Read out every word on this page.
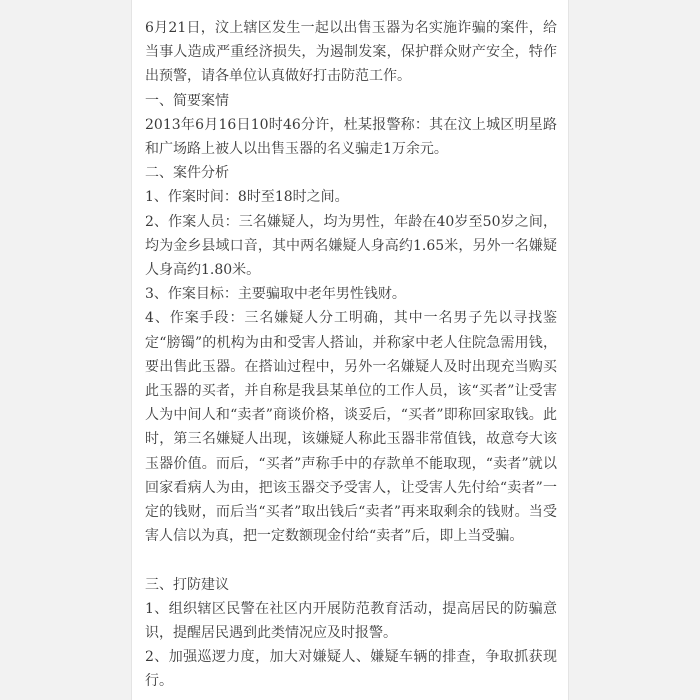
6月21日，汶上辖区发生一起以出售玉器为名实施诈骗的案件，给当事人造成严重经济损失，为遏制发案，保护群众财产安全，特作出预警，请各单位认真做好打击防范工作。

一、简要案情

2013年6月16日10时46分许，杜某报警称：其在汶上城区明星路和广场路上被人以出售玉器的名义骗走1万余元。

二、案件分析

1、作案时间：8时至18时之间。

2、作案人员：三名嫌疑人，均为男性，年龄在40岁至50岁之间，均为金乡县域口音，其中两名嫌疑人身高约1.65米，另外一名嫌疑人身高约1.80米。

3、作案目标：主要骗取中老年男性钱财。

4、作案手段：三名嫌疑人分工明确，其中一名男子先以寻找鉴定“膀镯”的机构为由和受害人搭讪，并称家中老人住院急需用钱，要出售此玉器。在搭讪过程中，另外一名嫌疑人及时出现充当购买此玉器的买者，并自称是我县某单位的工作人员，该“买者”让受害人为中间人和“卖者”商谈价格，谈妥后，“买者”即称回家取钱。此时，第三名嫌疑人出现，该嫌疑人称此玉器非常值钱，故意夸大该玉器价值。而后，“买者”声称手中的存款单不能取现，“卖者”就以回家看病人为由，把该玉器交予受害人，让受害人先付给“卖者”一定的钱财，而后当“买者”取出钱后“卖者”再来取剩余的钱财。当受害人信以为真，把一定数额现金付给“卖者”后，即上当受骗。

三、打防建议

1、组织辖区民警在社区内开展防范教育活动，提高居民的防骗意识，提醒居民遇到此类情况应及时报警。

2、加强巡逻力度，加大对嫌疑人、嫌疑车辆的排查，争取抓获现行。
